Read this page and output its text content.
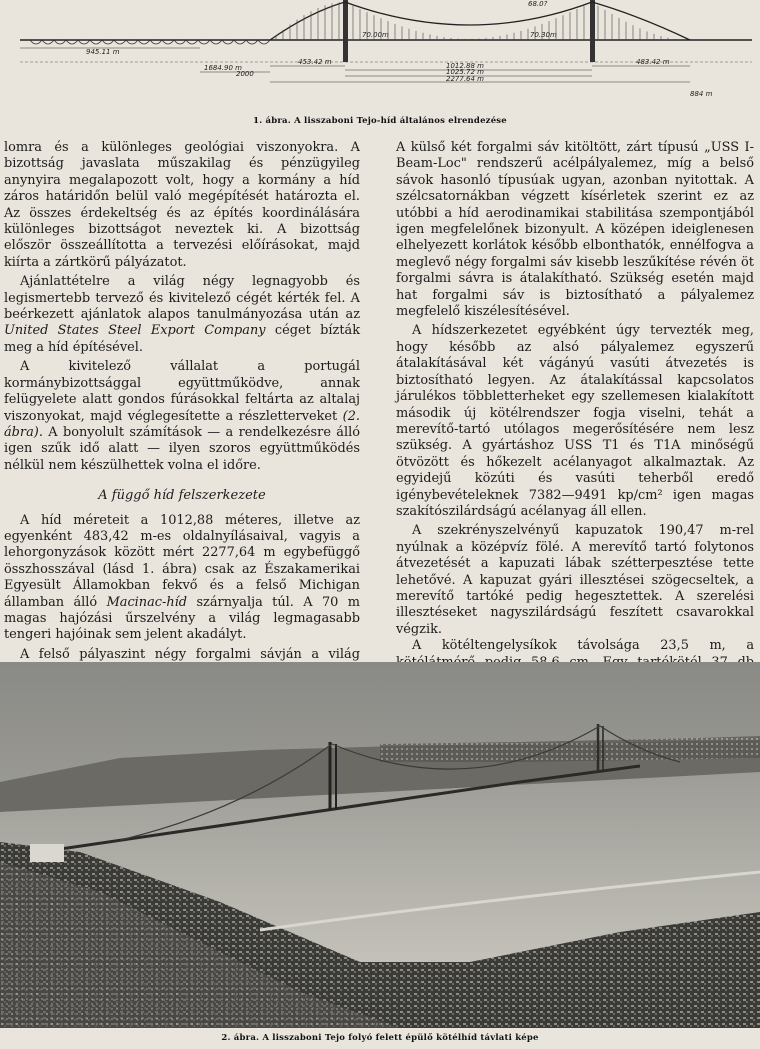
68.0?
70.00m	70.30m
945.11 m
453.42 m	1012.88 m
1025.72 m
2277.64 m
483.42 m
1684.90 m
2000
884 m
1. ábra. A lisszaboni Tejo-híd általános elrendezése

lomra és a különleges geológiai viszonyokra. A bizottság javaslata műszakilag és pénzügyileg anynyira megalapozott volt, hogy a kormány a híd záros határidőn belül való megépítését határozta el. Az összes érdekeltség és az építés koordinálására különleges bizottságot neveztek ki. A bizottság először összeállította a tervezési előírásokat, majd kiírta a zártkörű pályázatot.

Ajánlattételre a világ négy legnagyobb és legismertebb tervező és kivitelező cégét kérték fel. A beérkezett ajánlatok alapos tanulmányozása után az United States Steel Export Company céget bízták meg a híd építésével.

A kivitelező vállalat a portugál kormánybizottsággal együttműködve, annak felügyelete alatt gondos fúrásokkal feltárta az altalaj viszonyokat, majd véglegesítette a részletterveket (2. ábra). A bonyolult számítások — a rendelkezésre álló igen szűk idő alatt — ilyen szoros együttműködés nélkül nem készülhettek volna el időre.

A függő híd felszerkezete

A híd méreteit a 1012,88 méteres, illetve az egyenként 483,42 m-es oldalnyílásaival, vagyis a lehorgonyzások között mért 2277,64 m egybefüggő összhosszával (lásd 1. ábra) csak az Északamerikai Egyesült Államokban fekvő és a felső Michigan államban álló Macinac-híd szárnyalja túl. A 70 m magas hajózási űrszelvény a világ legmagasabb tengeri hajóinak sem jelent akadályt.

A felső pályaszint négy forgalmi sávján a világ

A külső két forgalmi sáv kitöltött, zárt típusú „USS I-Beam-Loc" rendszerű acélpályalemez, míg a belső sávok hasonló típusúak ugyan, azonban nyitottak. A szélcsatornákban végzett kísérletek szerint ez az utóbbi a híd aerodinamikai stabilitása szempontjából igen megfelelőnek bizonyult. A középen ideiglenesen elhelyezett korlátok később elbonthatók, ennélfogva a meglevő négy forgalmi sáv kisebb leszűkítése révén öt forgalmi sávra is átalakítható. Szükség esetén majd hat forgalmi sáv is biztosítható a pályalemez megfelelő kiszélesítésével.

A hídszerkezetet egyébként úgy tervezték meg, hogy később az alsó pályalemez egyszerű átalakításával két vágányú vasúti átvezetés is biztosítható legyen. Az átalakítással kapcsolatos járulékos többletterheket egy szellemesen kialakított második új kötélrendszer fogja viselni, tehát a merevítő-tartó utólagos megerősítésére nem lesz szükség. A gyártáshoz USS T1 és T1A minőségű ötvözött és hőkezelt acélanyagot alkalmaztak. Az egyidejű közúti és vasúti teherből eredő igénybevételeknek 7382—9491 kp/cm² igen magas szakítószilárdságú acélanyag áll ellen.

A szekrényszelvényű kapuzatok 190,47 m-rel nyúlnak a középvíz fölé. A merevítő tartó folytonos átvezetését a kapuzati lábak szétterpesztése tette lehetővé. A kapuzat gyári illesztései szögecseltek, a merevítő tartóké pedig hegesztettek. A szerelési illesztéseket nagyszilárdságú feszített csavarokkal végzik.

A kötéltengelysíkok távolsága 23,5 m, a

2. ábra. A lisszaboni Tejo folyó felett épülő kötélhíd távlati képe
